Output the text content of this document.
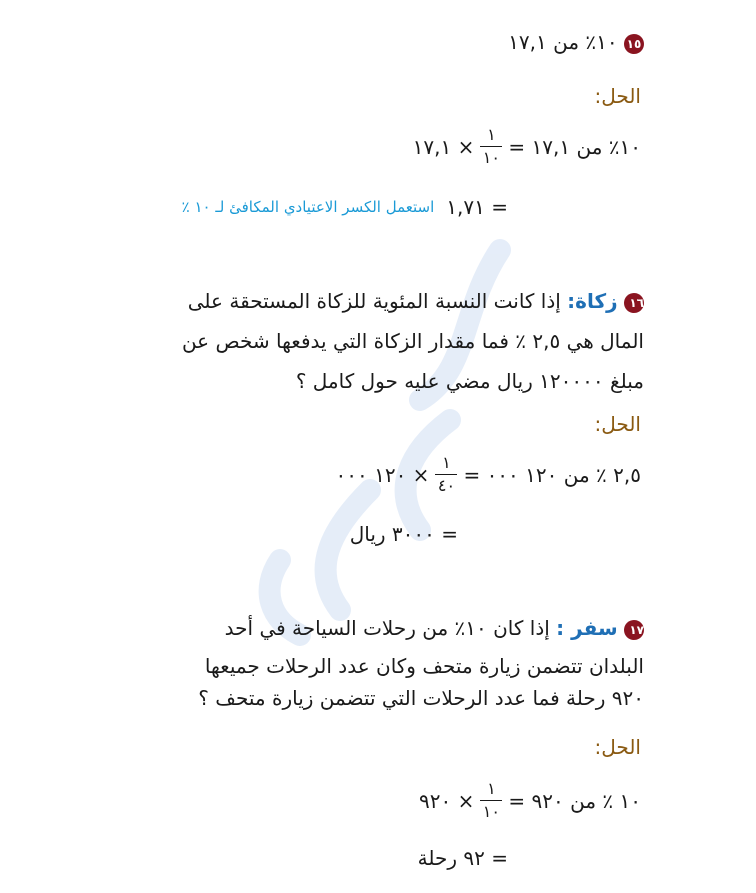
١٥ ١٠٪ من ١٧,١
الحل:
١٠٪ من ١٧,١ =
$\frac{١}{١٠}$
× ١٧,١
= ١,٧١
استعمل الكسر الاعتيادي المكافئ لـ ١٠ ٪
١٦ زكاة: إذا كانت النسبة المئوية للزكاة المستحقة على
المال هي ٢,٥ ٪ فما مقدار الزكاة التي يدفعها شخص عن
مبلغ ١٢٠٠٠٠ ريال مضي عليه حول كامل ؟
الحل:
٢,٥ ٪ من ١٢٠ ٠٠٠ =
$\frac{١}{٤٠}$
× ١٢٠ ٠٠٠
= ٣٠٠٠ ريال
١٧ سفر : إذا كان ١٠٪ من رحلات السياحة في أحد
البلدان تتضمن زيارة متحف وكان عدد الرحلات جميعها
٩٢٠ رحلة فما عدد الرحلات التي تتضمن زيارة متحف ؟
الحل:
١٠ ٪ من ٩٢٠ =
$\frac{١}{١٠}$
× ٩٢٠
= ٩٢ رحلة
